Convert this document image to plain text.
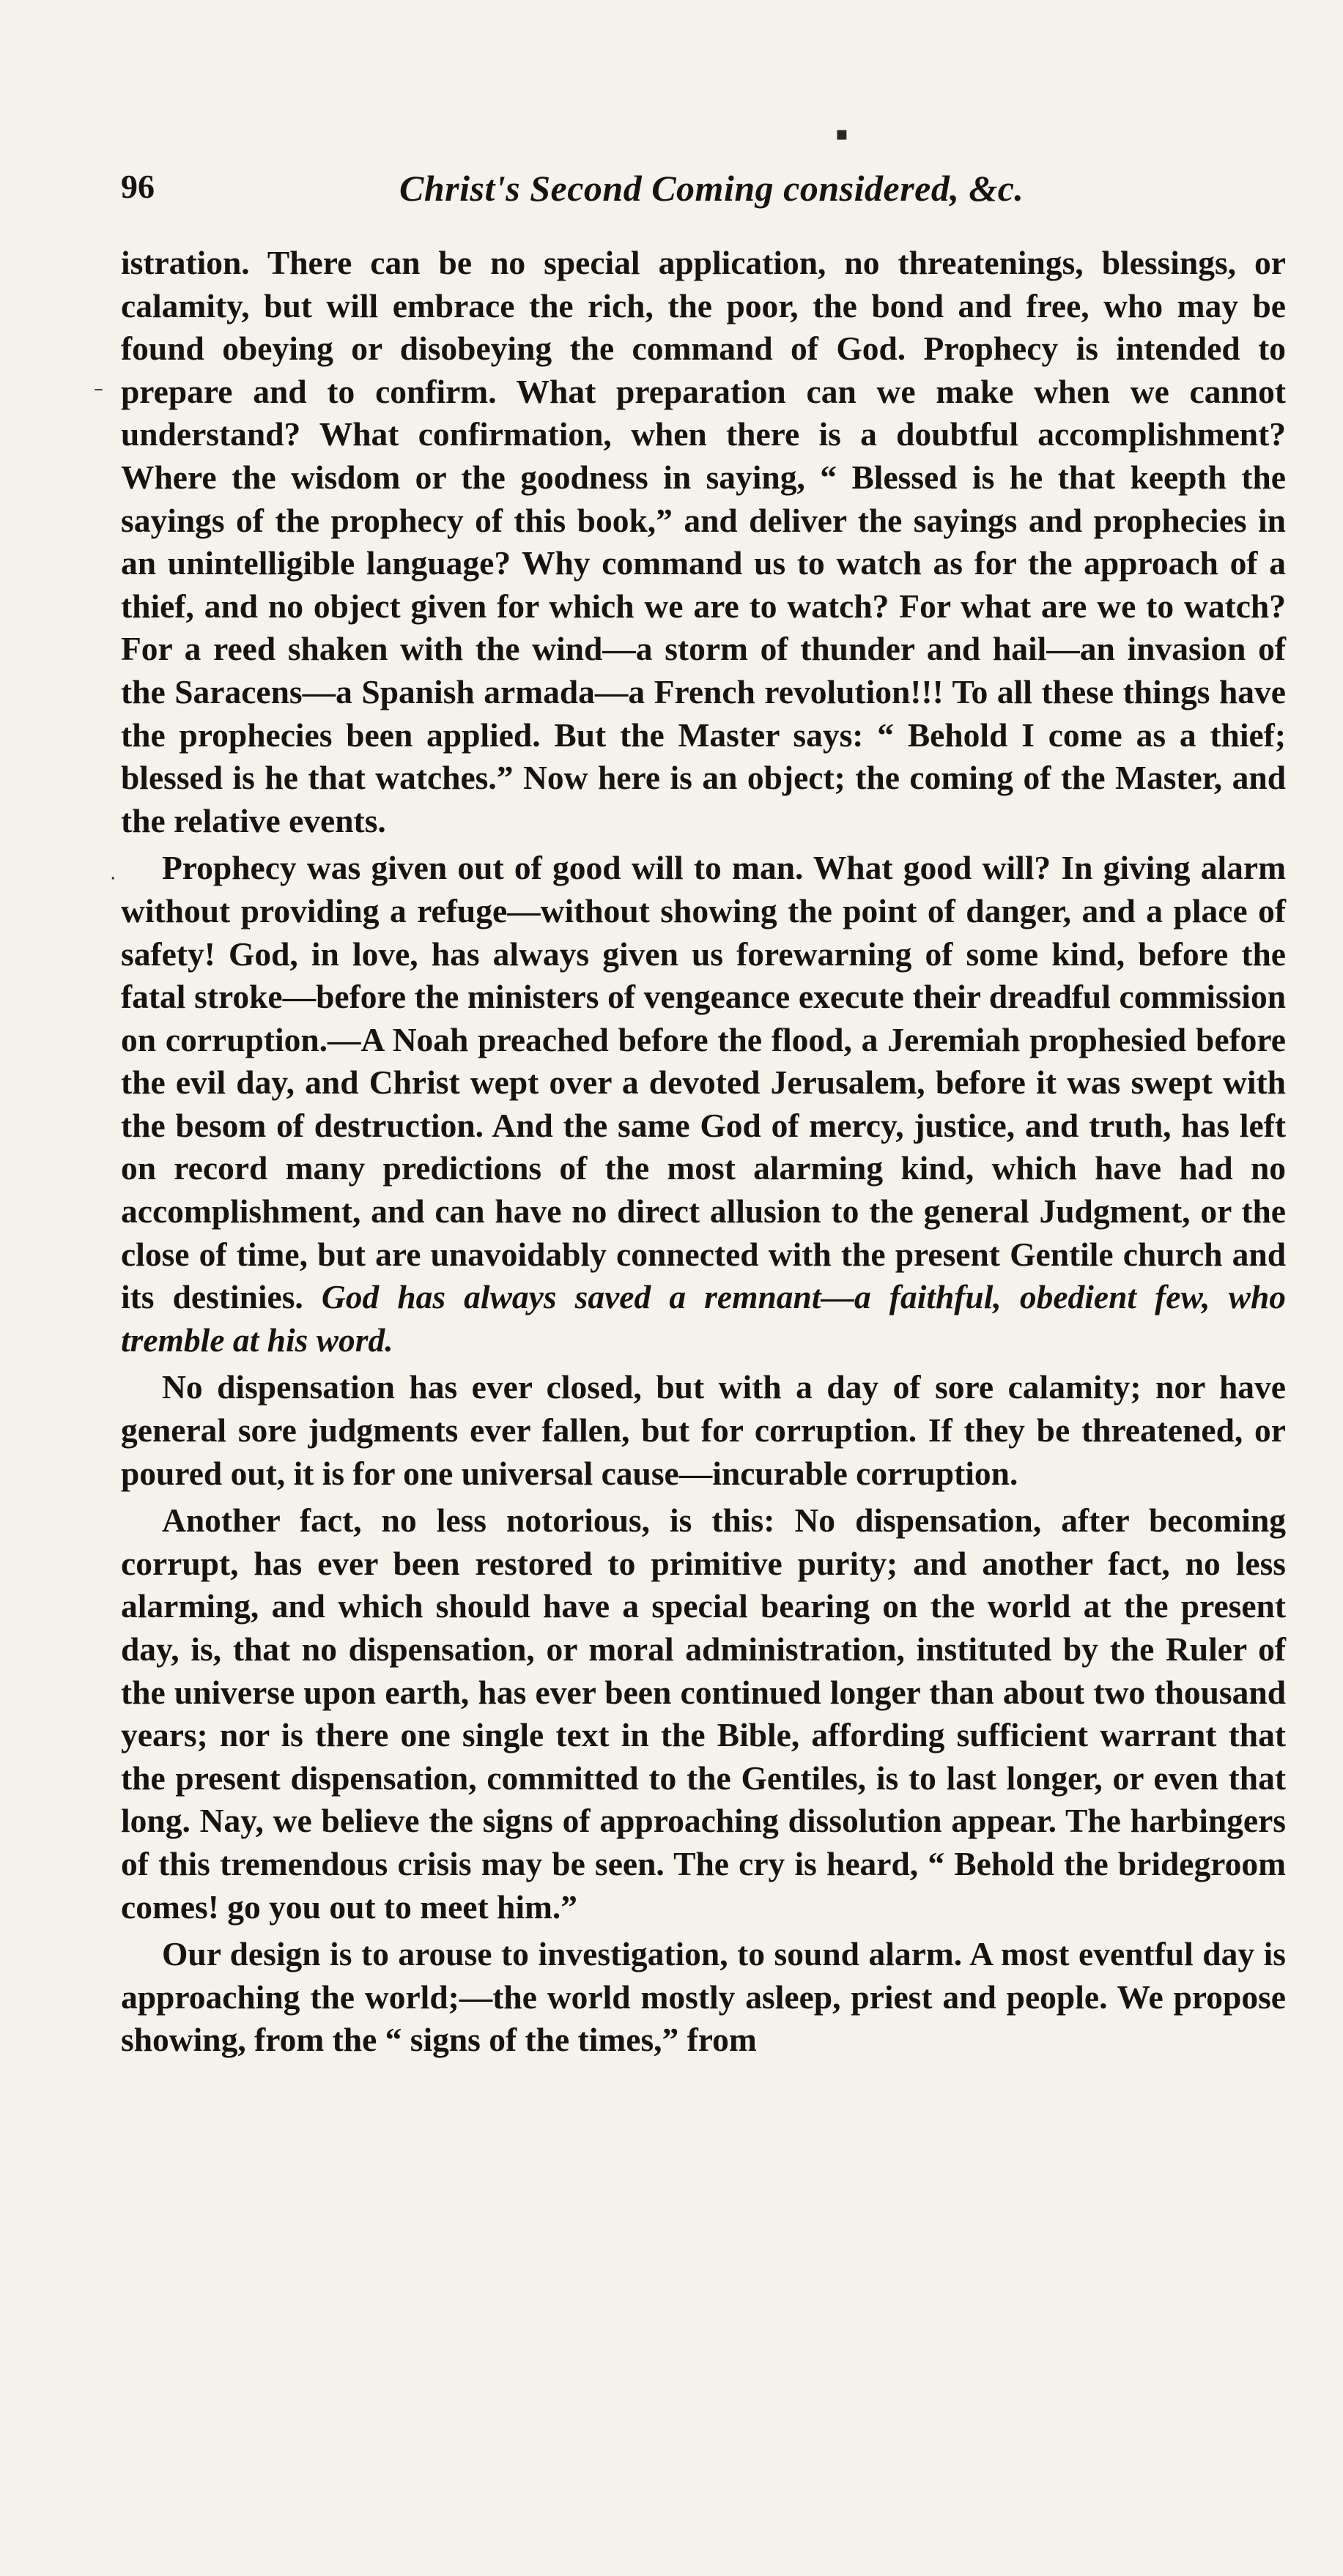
▪
–
·
96	Christ's Second Coming considered, &c.

istration. There can be no special application, no threatenings, blessings, or calamity, but will embrace the rich, the poor, the bond and free, who may be found obeying or disobeying the command of God. Prophecy is intended to prepare and to confirm. What preparation can we make when we cannot understand? What confirmation, when there is a doubtful accomplishment? Where the wisdom or the goodness in saying, “ Blessed is he that keepth the sayings of the prophecy of this book,” and deliver the sayings and prophecies in an unintelligible language? Why command us to watch as for the approach of a thief, and no object given for which we are to watch? For what are we to watch? For a reed shaken with the wind—a storm of thunder and hail—an invasion of the Saracens—a Spanish armada—a French revolution!!! To all these things have the prophecies been applied. But the Master says: “ Behold I come as a thief; blessed is he that watches.” Now here is an object; the coming of the Master, and the relative events.

Prophecy was given out of good will to man. What good will? In giving alarm without providing a refuge—without showing the point of danger, and a place of safety! God, in love, has always given us forewarning of some kind, before the fatal stroke—before the ministers of vengeance execute their dreadful commission on corruption.—A Noah preached before the flood, a Jeremiah prophesied before the evil day, and Christ wept over a devoted Jerusalem, before it was swept with the besom of destruction. And the same God of mercy, justice, and truth, has left on record many predictions of the most alarming kind, which have had no accomplishment, and can have no direct allusion to the general Judgment, or the close of time, but are unavoidably connected with the present Gentile church and its destinies. God has always saved a remnant—a faithful, obedient few, who tremble at his word.

No dispensation has ever closed, but with a day of sore calamity; nor have general sore judgments ever fallen, but for corruption. If they be threatened, or poured out, it is for one universal cause—incurable corruption.

Another fact, no less notorious, is this: No dispensation, after becoming corrupt, has ever been restored to primitive purity; and another fact, no less alarming, and which should have a special bearing on the world at the present day, is, that no dispensation, or moral administration, instituted by the Ruler of the universe upon earth, has ever been continued longer than about two thousand years; nor is there one single text in the Bible, affording sufficient warrant that the present dispensation, committed to the Gentiles, is to last longer, or even that long. Nay, we believe the signs of approaching dissolution appear. The harbingers of this tremendous crisis may be seen. The cry is heard, “ Behold the bridegroom comes! go you out to meet him.”

Our design is to arouse to investigation, to sound alarm. A most eventful day is approaching the world;—the world mostly asleep, priest and people. We propose showing, from the “ signs of the times,” from
